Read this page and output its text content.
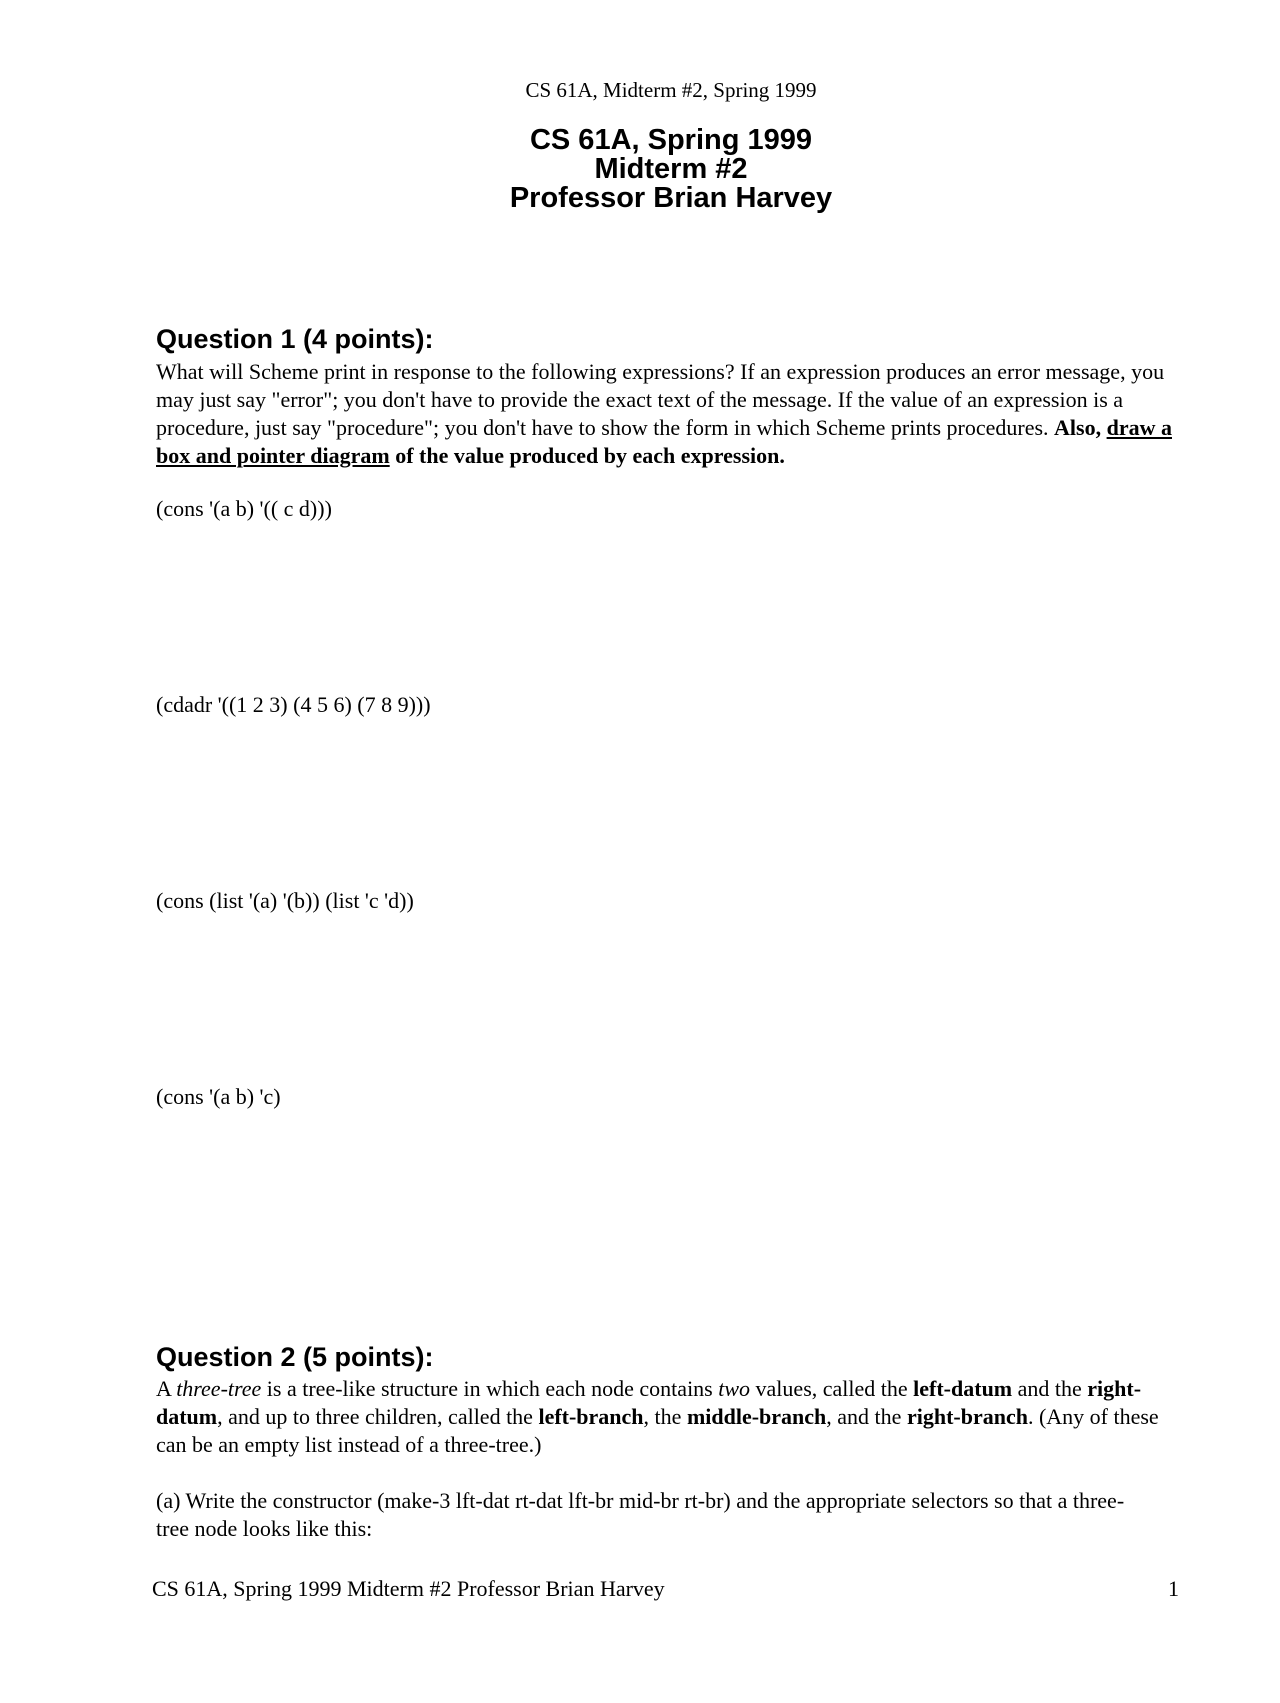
CS 61A, Midterm #2, Spring 1999
CS 61A, Spring 1999
Midterm #2
Professor Brian Harvey
Question 1 (4 points):
What will Scheme print in response to the following expressions? If an expression produces an error message, you may just say "error"; you don't have to provide the exact text of the message. If the value of an expression is a procedure, just say "procedure"; you don't have to show the form in which Scheme prints procedures. Also, draw a box and pointer diagram of the value produced by each expression.
(cons '(a b) '(( c d)))
(cdadr '((1 2 3) (4 5 6) (7 8 9)))
(cons (list '(a) '(b)) (list 'c 'd))
(cons '(a b) 'c)
Question 2 (5 points):
A three-tree is a tree-like structure in which each node contains two values, called the left-datum and the right-datum, and up to three children, called the left-branch, the middle-branch, and the right-branch. (Any of these can be an empty list instead of a three-tree.)
(a) Write the constructor (make-3 lft-dat rt-dat lft-br mid-br rt-br) and the appropriate selectors so that a three-tree node looks like this:
CS 61A, Spring 1999 Midterm #2 Professor Brian Harvey	1
